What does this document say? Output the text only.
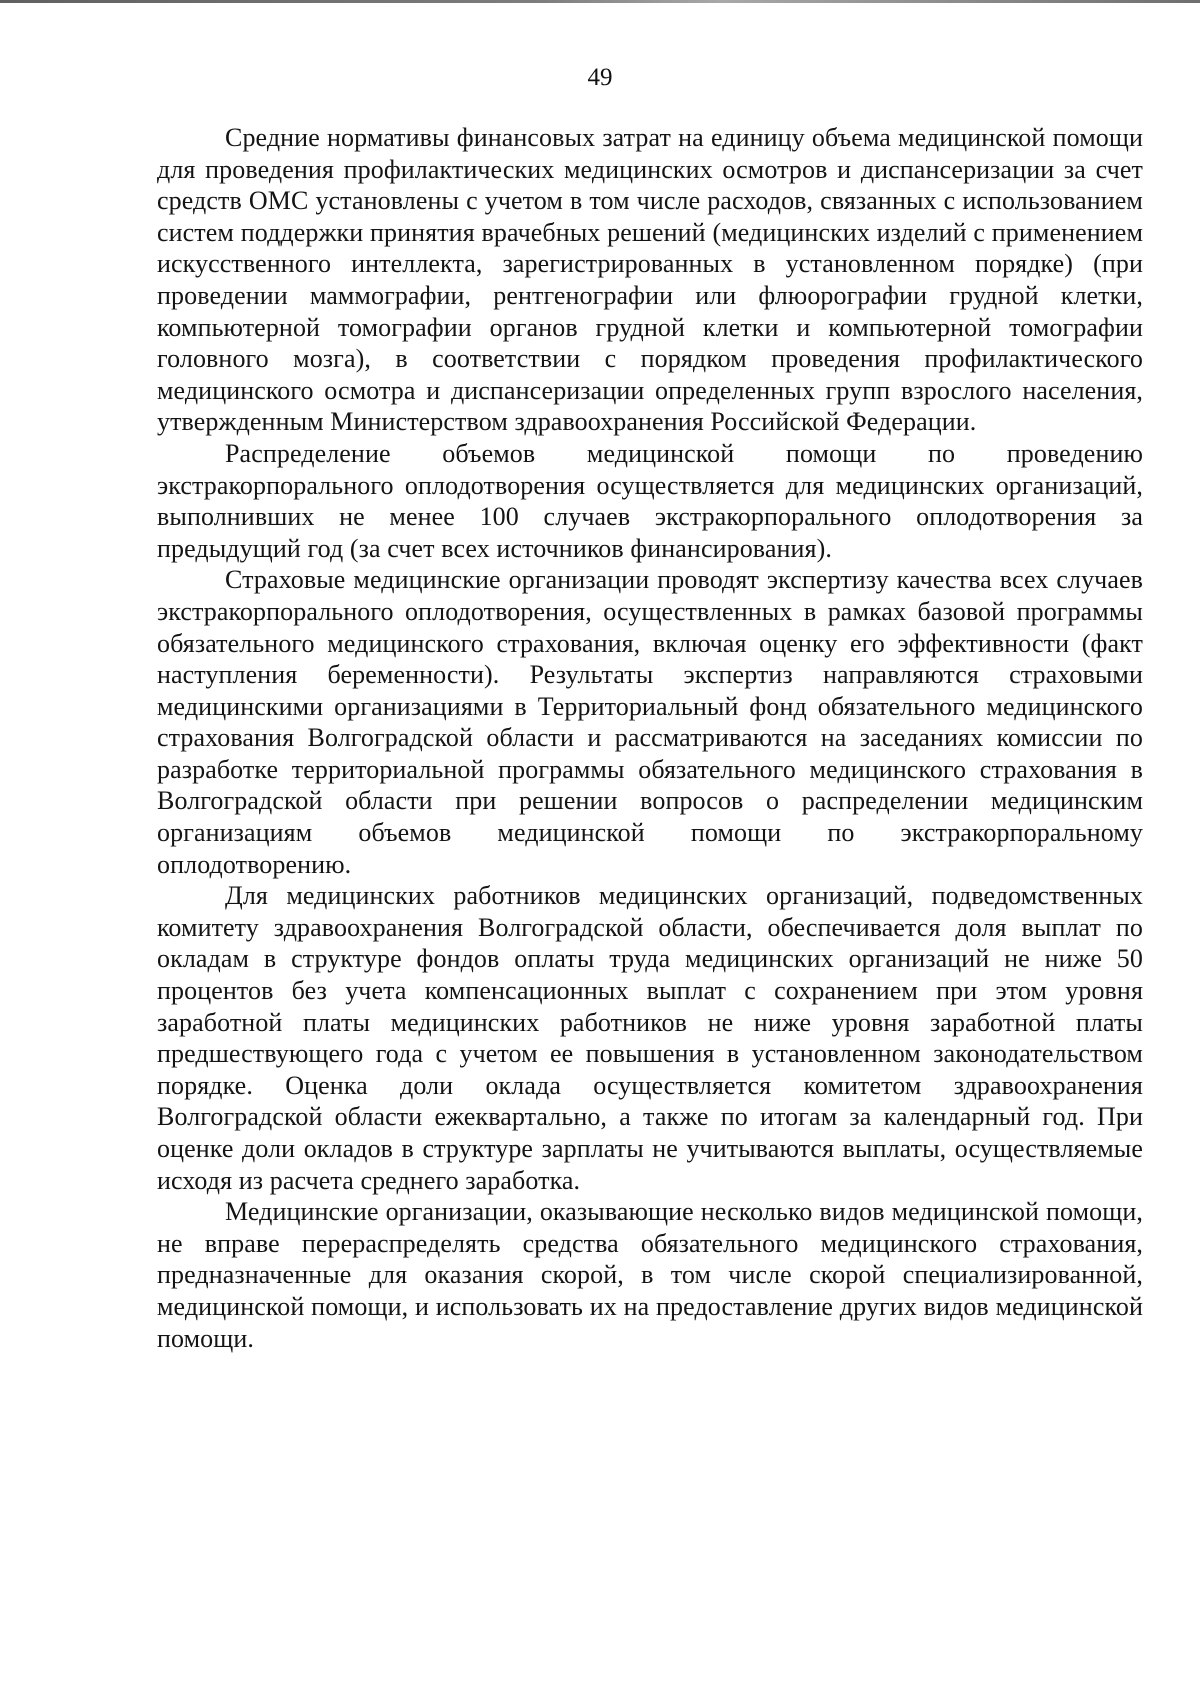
49

Средние нормативы финансовых затрат на единицу объема медицинской помощи для проведения профилактических медицинских осмотров и диспансеризации за счет средств ОМС установлены с учетом в том числе расходов, связанных с использованием систем поддержки принятия врачебных решений (медицинских изделий с применением искусственного интеллекта, зарегистрированных в установленном порядке) (при проведении маммографии, рентгенографии или флюорографии грудной клетки, компьютерной томографии органов грудной клетки и компьютерной томографии головного мозга), в соответствии с порядком проведения профилактического медицинского осмотра и диспансеризации определенных групп взрослого населения, утвержденным Министерством здравоохранения Российской Федерации.

Распределение объемов медицинской помощи по проведению экстракорпорального оплодотворения осуществляется для медицинских организаций, выполнивших не менее 100 случаев экстракорпорального оплодотворения за предыдущий год (за счет всех источников финансирования).

Страховые медицинские организации проводят экспертизу качества всех случаев экстракорпорального оплодотворения, осуществленных в рамках базовой программы обязательного медицинского страхования, включая оценку его эффективности (факт наступления беременности). Результаты экспертиз направляются страховыми медицинскими организациями в Территориальный фонд обязательного медицинского страхования Волгоградской области и рассматриваются на заседаниях комиссии по разработке территориальной программы обязательного медицинского страхования в Волгоградской области при решении вопросов о распределении медицинским организациям объемов медицинской помощи по экстракорпоральному оплодотворению.

Для медицинских работников медицинских организаций, подведомственных комитету здравоохранения Волгоградской области, обеспечивается доля выплат по окладам в структуре фондов оплаты труда медицинских организаций не ниже 50 процентов без учета компенсационных выплат с сохранением при этом уровня заработной платы медицинских работников не ниже уровня заработной платы предшествующего года с учетом ее повышения в установленном законодательством порядке. Оценка доли оклада осуществляется комитетом здравоохранения Волгоградской области ежеквартально, а также по итогам за календарный год. При оценке доли окладов в структуре зарплаты не учитываются выплаты, осуществляемые исходя из расчета среднего заработка.

Медицинские организации, оказывающие несколько видов медицинской помощи, не вправе перераспределять средства обязательного медицинского страхования, предназначенные для оказания скорой, в том числе скорой специализированной, медицинской помощи, и использовать их на предоставление других видов медицинской помощи.
